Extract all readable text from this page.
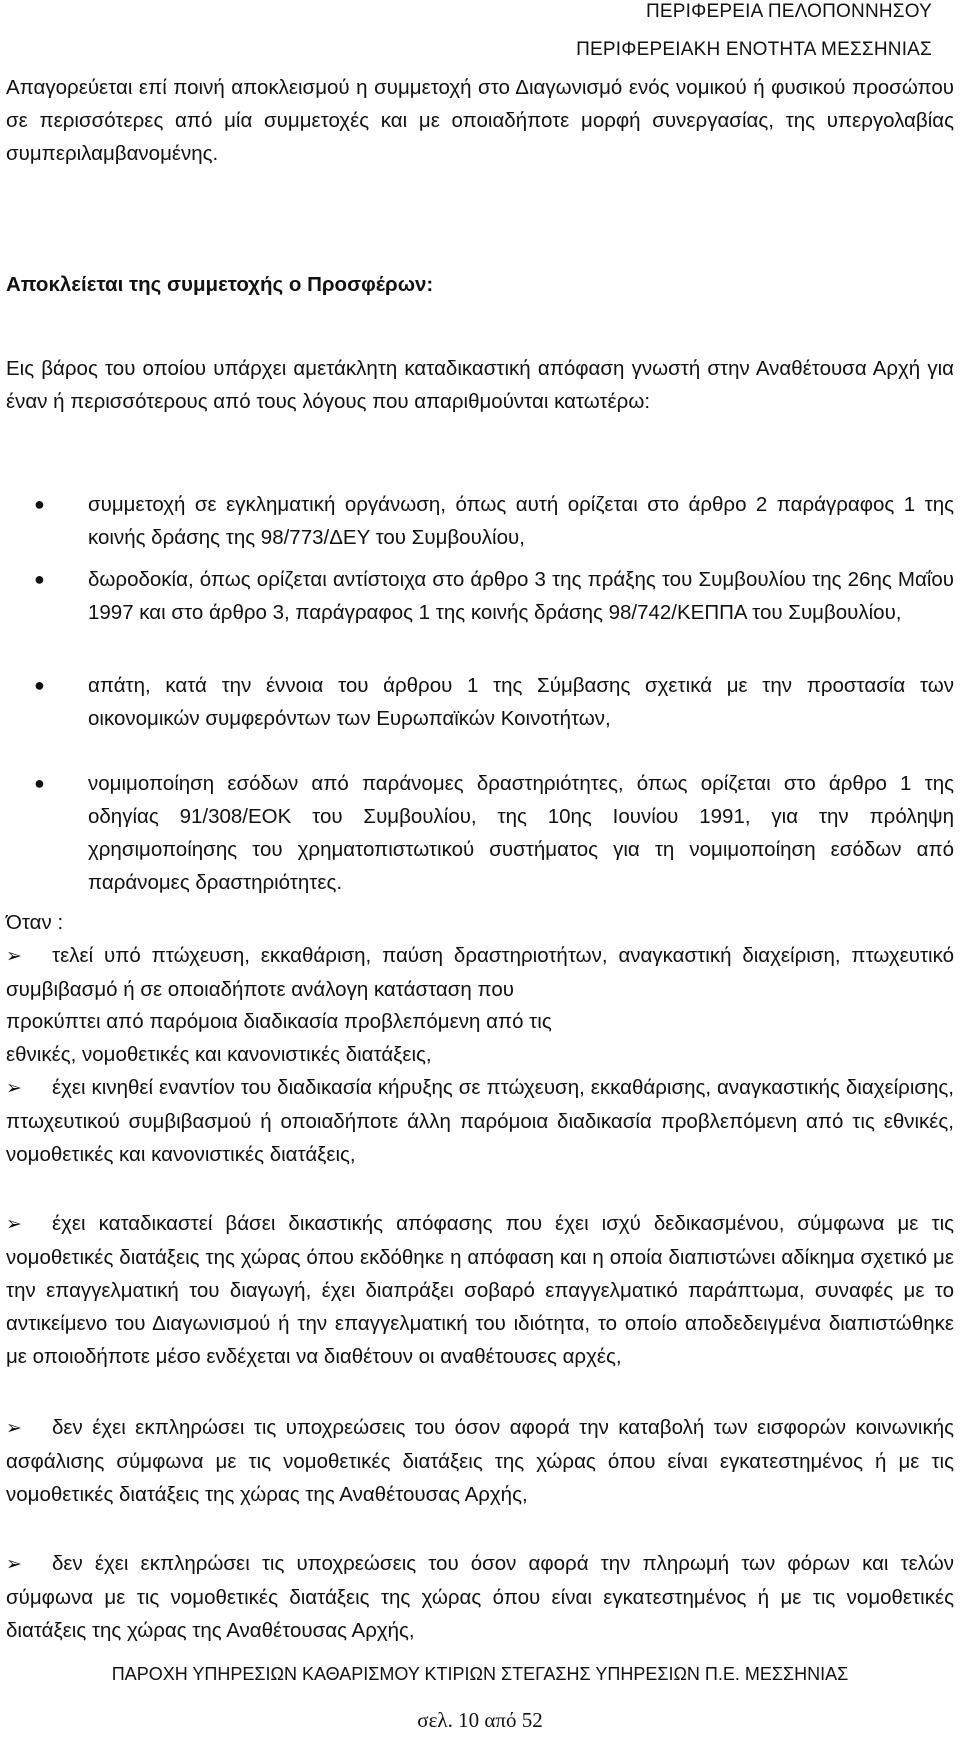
ΠΕΡΙΦΕΡΕΙΑ ΠΕΛΟΠΟΝΝΗΣΟΥ
ΠΕΡΙΦΕΡΕΙΑΚΗ ΕΝΟΤΗΤΑ ΜΕΣΣΗΝΙΑΣ
Απαγορεύεται επί ποινή αποκλεισμού η συμμετοχή στο Διαγωνισμό ενός νομικού ή φυσικού προσώπου σε περισσότερες από μία συμμετοχές και με οποιαδήποτε μορφή συνεργασίας, της υπεργολαβίας συμπεριλαμβανομένης.
Αποκλείεται της συμμετοχής ο Προσφέρων:
Εις βάρος του οποίου υπάρχει αμετάκλητη καταδικαστική απόφαση γνωστή στην Αναθέτουσα Αρχή για έναν ή περισσότερους από τους λόγους που απαριθμούνται κατωτέρω:
● συμμετοχή σε εγκληματική οργάνωση, όπως αυτή ορίζεται στο άρθρο 2 παράγραφος 1 της κοινής δράσης της 98/773/ΔΕΥ του Συμβουλίου,
● δωροδοκία, όπως ορίζεται αντίστοιχα στο άρθρο 3 της πράξης του Συμβουλίου της 26ης Μαΐου 1997 και στο άρθρο 3, παράγραφος 1 της κοινής δράσης 98/742/ΚΕΠΠΑ του Συμβουλίου,
● απάτη, κατά την έννοια του άρθρου 1 της Σύμβασης σχετικά με την προστασία των οικονομικών συμφερόντων των Ευρωπαϊκών Κοινοτήτων,
● νομιμοποίηση εσόδων από παράνομες δραστηριότητες, όπως ορίζεται στο άρθρο 1 της οδηγίας 91/308/ΕΟΚ του Συμβουλίου, της 10ης Ιουνίου 1991, για την πρόληψη χρησιμοποίησης του χρηματοπιστωτικού συστήματος για τη νομιμοποίηση εσόδων από παράνομες δραστηριότητες.
Όταν :
➢ τελεί υπό πτώχευση, εκκαθάριση, παύση δραστηριοτήτων, αναγκαστική διαχείριση, πτωχευτικό συμβιβασμό ή σε οποιαδήποτε ανάλογη κατάσταση που
προκύπτει από παρόμοια διαδικασία προβλεπόμενη από τις
εθνικές, νομοθετικές και κανονιστικές διατάξεις,
➢ έχει κινηθεί εναντίον του διαδικασία κήρυξης σε πτώχευση, εκκαθάρισης, αναγκαστικής διαχείρισης, πτωχευτικού συμβιβασμού ή οποιαδήποτε άλλη παρόμοια διαδικασία προβλεπόμενη από τις εθνικές, νομοθετικές και κανονιστικές διατάξεις,
➢ έχει καταδικαστεί βάσει δικαστικής απόφασης που έχει ισχύ δεδικασμένου, σύμφωνα με τις νομοθετικές διατάξεις της χώρας όπου εκδόθηκε η απόφαση και η οποία διαπιστώνει αδίκημα σχετικό με την επαγγελματική του διαγωγή, έχει διαπράξει σοβαρό επαγγελματικό παράπτωμα, συναφές με το αντικείμενο του Διαγωνισμού ή την επαγγελματική του ιδιότητα, το οποίο αποδεδειγμένα διαπιστώθηκε με οποιοδήποτε μέσο ενδέχεται να διαθέτουν οι αναθέτουσες αρχές,
➢ δεν έχει εκπληρώσει τις υποχρεώσεις του όσον αφορά την καταβολή των εισφορών κοινωνικής ασφάλισης σύμφωνα με τις νομοθετικές διατάξεις της χώρας όπου είναι εγκατεστημένος ή με τις νομοθετικές διατάξεις της χώρας της Αναθέτουσας Αρχής,
➢ δεν έχει εκπληρώσει τις υποχρεώσεις του όσον αφορά την πληρωμή των φόρων και τελών σύμφωνα με τις νομοθετικές διατάξεις της χώρας όπου είναι εγκατεστημένος ή με τις νομοθετικές διατάξεις της χώρας της Αναθέτουσας Αρχής,
ΠΑΡΟΧΗ ΥΠΗΡΕΣΙΩΝ ΚΑΘΑΡΙΣΜΟΥ ΚΤΙΡΙΩΝ ΣΤΕΓΑΣΗΣ ΥΠΗΡΕΣΙΩΝ Π.Ε. ΜΕΣΣΗΝΙΑΣ
σελ. 10 από 52
